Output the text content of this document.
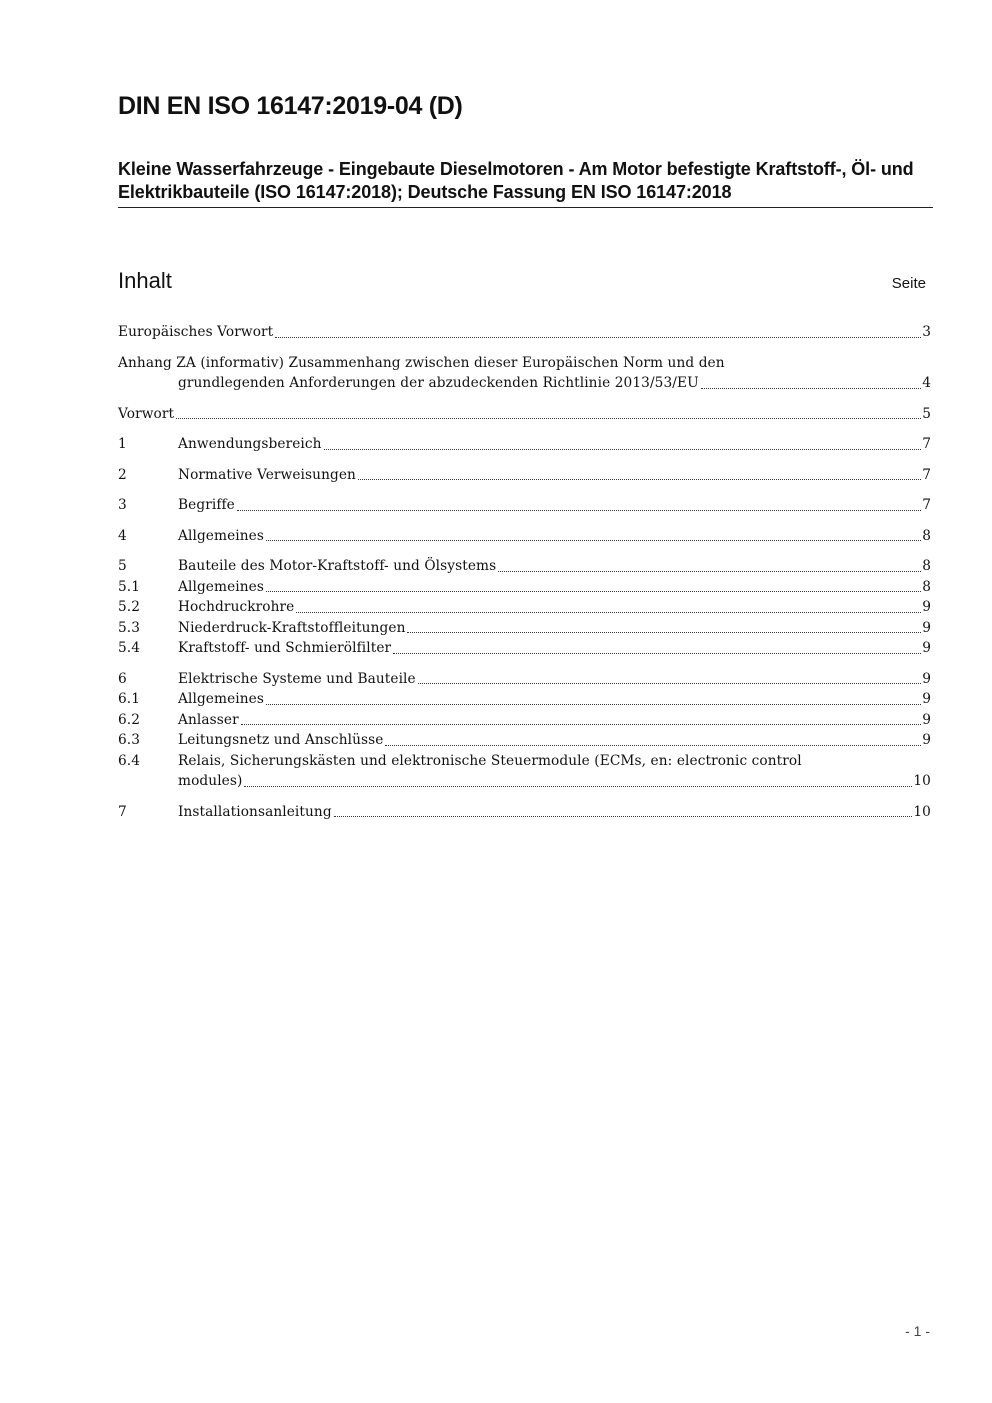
DIN EN ISO 16147:2019-04 (D)
Kleine Wasserfahrzeuge - Eingebaute Dieselmotoren - Am Motor befestigte Kraftstoff-, Öl- und Elektrikbauteile (ISO 16147:2018); Deutsche Fassung EN ISO 16147:2018
Inhalt	Seite
Europäisches Vorwort	3
Anhang ZA (informativ) Zusammenhang zwischen dieser Europäischen Norm und den
grundlegenden Anforderungen der abzudeckenden Richtlinie 2013/53/EU	4
Vorwort	5
1	Anwendungsbereich	7
2	Normative Verweisungen	7
3	Begriffe	7
4	Allgemeines	8
5	Bauteile des Motor-Kraftstoff- und Ölsystems	8
5.1	Allgemeines	8
5.2	Hochdruckrohre	9
5.3	Niederdruck-Kraftstoffleitungen	9
5.4	Kraftstoff- und Schmierölfilter	9
6	Elektrische Systeme und Bauteile	9
6.1	Allgemeines	9
6.2	Anlasser	9
6.3	Leitungsnetz und Anschlüsse	9
6.4	Relais, Sicherungskästen und elektronische Steuermodule (ECMs, en: electronic control
modules)	10
7	Installationsanleitung	10
- 1 -
